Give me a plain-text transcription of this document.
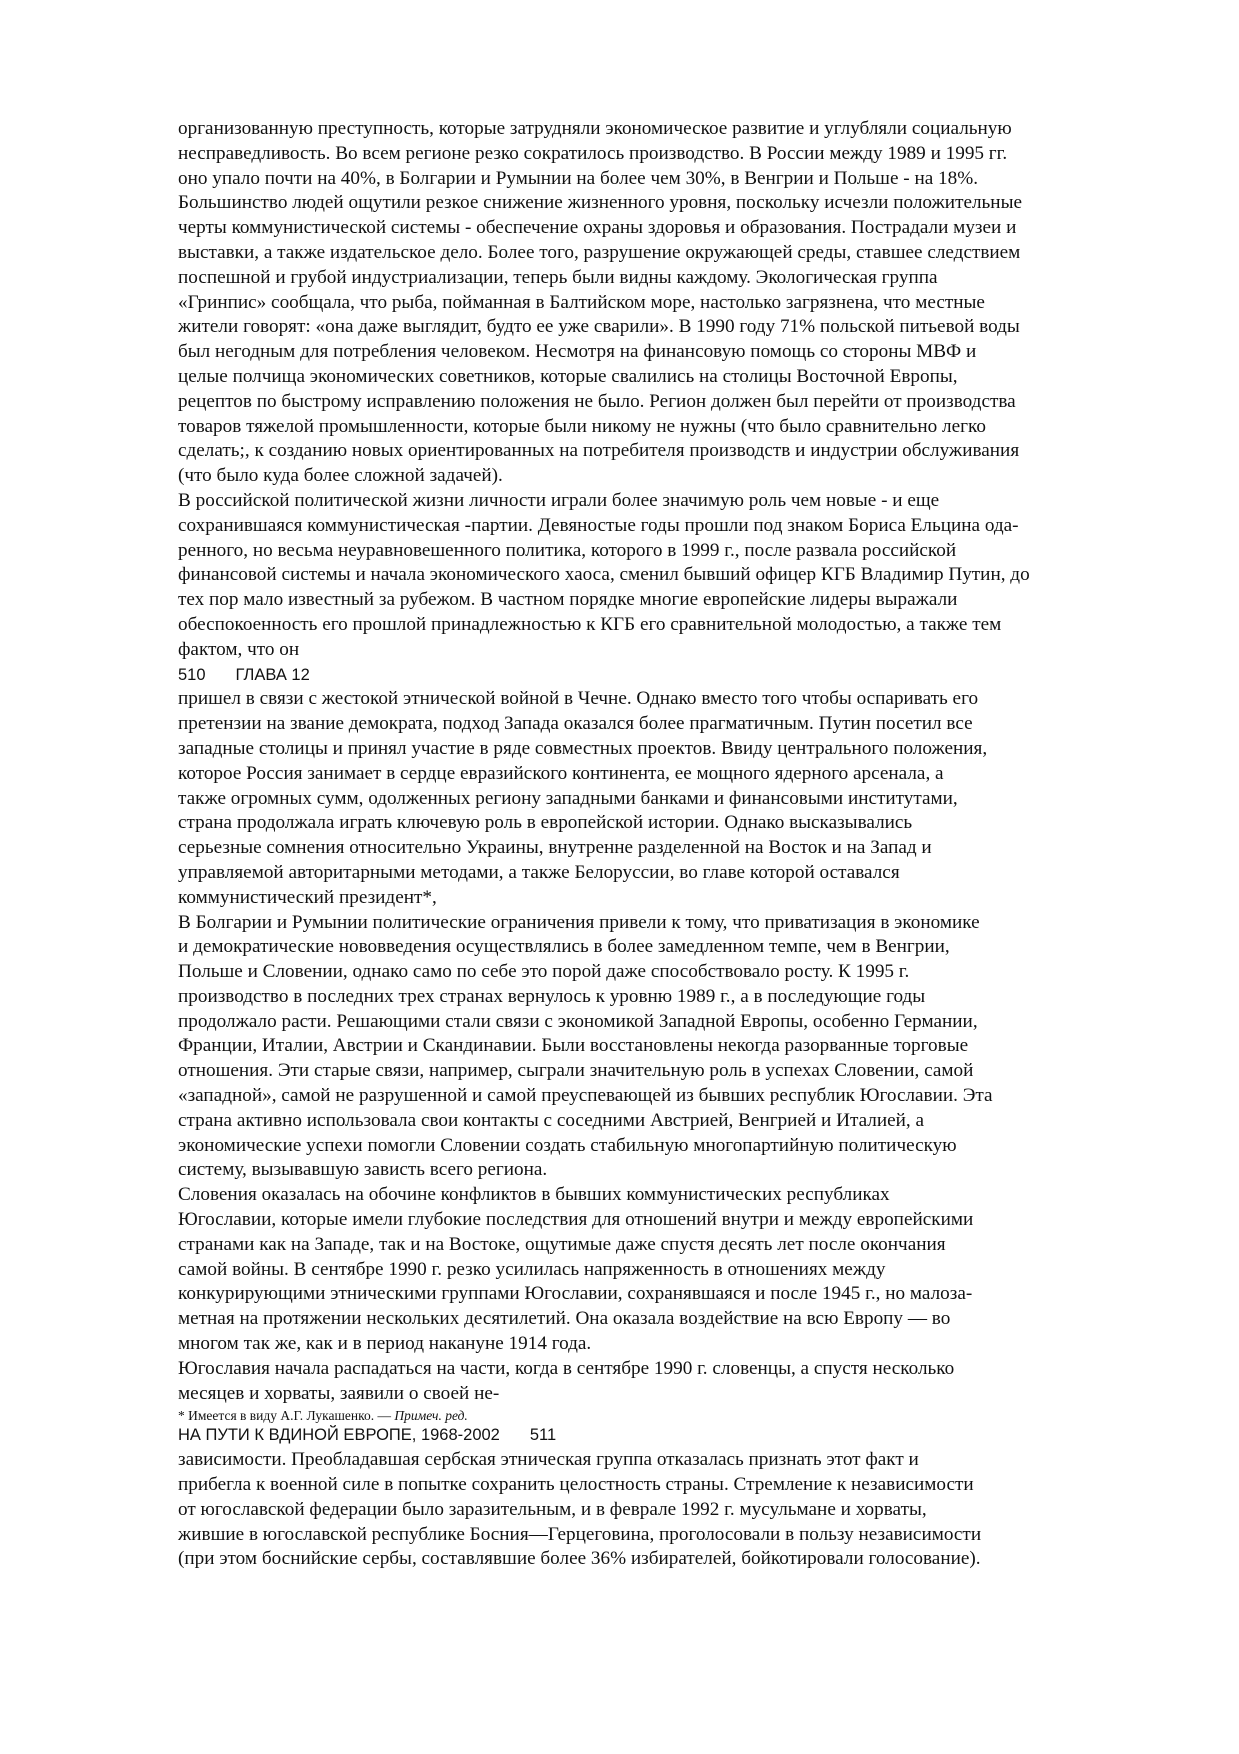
организованную преступность, которые затрудняли экономическое развитие и углубляли социальную
несправедливость. Во всем регионе резко сократилось производство. В России между 1989 и 1995 гг.
оно упало почти на 40%, в Болгарии и Румынии на более чем 30%, в Венгрии и Польше - на 18%.
Большинство людей ощутили резкое снижение жизненного уровня, поскольку исчезли положительные
черты коммунистической системы - обеспечение охраны здоровья и образования. Пострадали музеи и
выставки, а также издательское дело. Более того, разрушение окружающей среды, ставшее следствием
поспешной и грубой индустриализации, теперь были видны каждому. Экологическая группа
«Гринпис» сообщала, что рыба, пойманная в Балтийском море, настолько загрязнена, что местные
жители говорят: «она даже выглядит, будто ее уже сварили». В 1990 году 71% польской питьевой воды
был негодным для потребления человеком. Несмотря на финансовую помощь со стороны МВФ и
целые полчища экономических советников, которые свалились на столицы Восточной Европы,
рецептов по быстрому исправлению положения не было. Регион должен был перейти от производства
товаров тяжелой промышленности, которые были никому не нужны (что было сравнительно легко
сделать;, к созданию новых ориентированных на потребителя производств и индустрии обслуживания
(что было куда более сложной задачей).
В российской политической жизни личности играли более значимую роль чем новые - и еще
сохранившаяся коммунистическая -партии. Девяностые годы прошли под знаком Бориса Ельцина ода-
ренного, но весьма неуравновешенного политика, которого в 1999 г., после развала российской
финансовой системы и начала экономического хаоса, сменил бывший офицер КГБ Владимир Путин, до
тех пор мало известный за рубежом. В частном порядке многие европейские лидеры выражали
обеспокоенность его прошлой принадлежностью к КГБ его сравнительной молодостью, а также тем
фактом, что он
510 ГЛАВА 12
пришел в связи с жестокой этнической войной в Чечне. Однако вместо того чтобы оспаривать его
претензии на звание демократа, подход Запада оказался более прагматичным. Путин посетил все
западные столицы и принял участие в ряде совместных проектов. Ввиду центрального положения,
которое Россия занимает в сердце евразийского континента, ее мощного ядерного арсенала, а
также огромных сумм, одолженных региону западными банками и финансовыми институтами,
страна продолжала играть ключевую роль в европейской истории. Однако высказывались
серьезные сомнения относительно Украины, внутренне разделенной на Восток и на Запад и
управляемой авторитарными методами, а также Белоруссии, во главе которой оставался
коммунистический президент*,
В Болгарии и Румынии политические ограничения привели к тому, что приватизация в экономике
и демократические нововведения осуществлялись в более замедленном темпе, чем в Венгрии,
Польше и Словении, однако само по себе это порой даже способствовало росту. К 1995 г.
производство в последних трех странах вернулось к уровню 1989 г., а в последующие годы
продолжало расти. Решающими стали связи с экономикой Западной Европы, особенно Германии,
Франции, Италии, Австрии и Скандинавии. Были восстановлены некогда разорванные торговые
отношения. Эти старые связи, например, сыграли значительную роль в успехах Словении, самой
«западной», самой не разрушенной и самой преуспевающей из бывших республик Югославии. Эта
страна активно использовала свои контакты с соседними Австрией, Венгрией и Италией, а
экономические успехи помогли Словении создать стабильную многопартийную политическую
систему, вызывавшую зависть всего региона.
Словения оказалась на обочине конфликтов в бывших коммунистических республиках
Югославии, которые имели глубокие последствия для отношений внутри и между европейскими
странами как на Западе, так и на Востоке, ощутимые даже спустя десять лет после окончания
самой войны. В сентябре 1990 г. резко усилилась напряженность в отношениях между
конкурирующими этническими группами Югославии, сохранявшаяся и после 1945 г., но малоза-
метная на протяжении нескольких десятилетий. Она оказала воздействие на всю Европу — во
многом так же, как и в период накануне 1914 года.
Югославия начала распадаться на части, когда в сентябре 1990 г. словенцы, а спустя несколько
месяцев и хорваты, заявили о своей не-
* Имеется в виду А.Г. Лукашенко. — Примеч. ред.
НА ПУТИ К ВДИНОЙ ЕВРОПЕ, 1968-2002 511
зависимости. Преобладавшая сербская этническая группа отказалась признать этот факт и
прибегла к военной силе в попытке сохранить целостность страны. Стремление к независимости
от югославской федерации было заразительным, и в феврале 1992 г. мусульмане и хорваты,
жившие в югославской республике Босния—Герцеговина, проголосовали в пользу независимости
(при этом боснийские сербы, составлявшие более 36% избирателей, бойкотировали голосование).
